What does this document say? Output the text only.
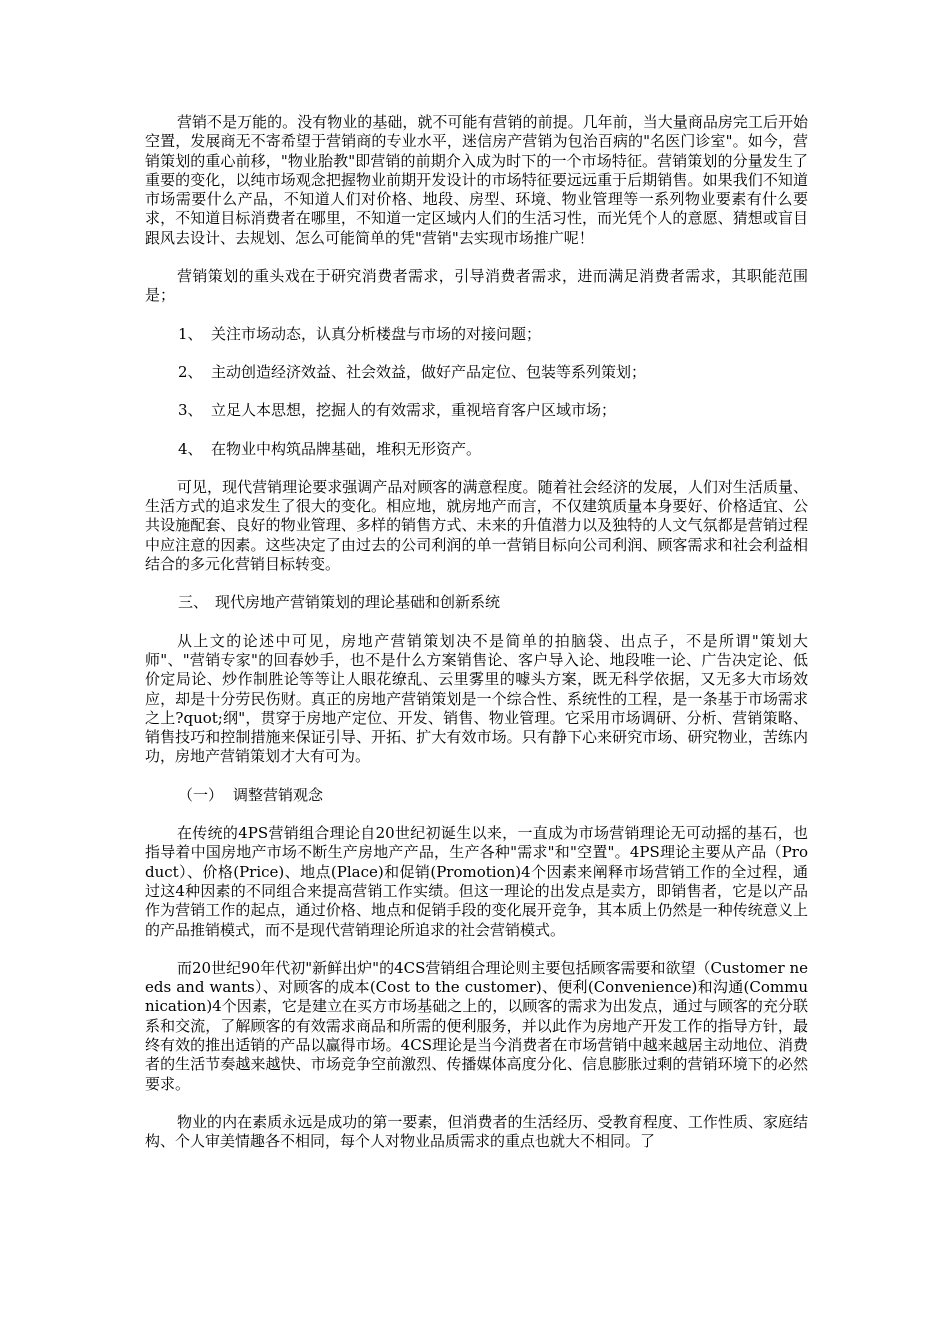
营销不是万能的。没有物业的基础，就不可能有营销的前提。几年前，当大量商品房完工后开始空置，发展商无不寄希望于营销商的专业水平，迷信房产营销为包治百病的"名医门诊室"。如今，营销策划的重心前移，"物业胎教"即营销的前期介入成为时下的一个市场特征。营销策划的分量发生了重要的变化，以纯市场观念把握物业前期开发设计的市场特征要远远重于后期销售。如果我们不知道市场需要什么产品，不知道人们对价格、地段、房型、环境、物业管理等一系列物业要素有什么要求，不知道目标消费者在哪里，不知道一定区域内人们的生活习性，而光凭个人的意愿、猜想或盲目跟风去设计、去规划、怎么可能简单的凭"营销"去实现市场推广呢！

营销策划的重头戏在于研究消费者需求，引导消费者需求，进而满足消费者需求，其职能范围是；

1、 关注市场动态，认真分析楼盘与市场的对接问题；
2、 主动创造经济效益、社会效益，做好产品定位、包装等系列策划；
3、 立足人本思想，挖掘人的有效需求，重视培育客户区域市场；
4、 在物业中构筑品牌基础，堆积无形资产。

可见，现代营销理论要求强调产品对顾客的满意程度。随着社会经济的发展，人们对生活质量、生活方式的追求发生了很大的变化。相应地，就房地产而言，不仅建筑质量本身要好、价格适宜、公共设施配套、良好的物业管理、多样的销售方式、未来的升值潜力以及独特的人文气氛都是营销过程中应注意的因素。这些决定了由过去的公司利润的单一营销目标向公司利润、顾客需求和社会利益相结合的多元化营销目标转变。

三、 现代房地产营销策划的理论基础和创新系统

从上文的论述中可见，房地产营销策划决不是简单的拍脑袋、出点子，不是所谓"策划大师"、"营销专家"的回春妙手，也不是什么方案销售论、客户导入论、地段唯一论、广告决定论、低价定局论、炒作制胜论等等让人眼花缭乱、云里雾里的噱头方案，既无科学依据，又无多大市场效应，却是十分劳民伤财。真正的房地产营销策划是一个综合性、系统性的工程，是一条基于市场需求之上?quot;纲"，贯穿于房地产定位、开发、销售、物业管理。它采用市场调研、分析、营销策略、销售技巧和控制措施来保证引导、开拓、扩大有效市场。只有静下心来研究市场、研究物业，苦练内功，房地产营销策划才大有可为。

（一） 调整营销观念

在传统的4PS营销组合理论自20世纪初诞生以来，一直成为市场营销理论无可动摇的基石，也指导着中国房地产市场不断生产房地产产品，生产各种"需求"和"空置"。4PS理论主要从产品（Product）、价格(Price)、地点(Place)和促销(Promotion)4个因素来阐释市场营销工作的全过程，通过这4种因素的不同组合来提高营销工作实绩。但这一理论的出发点是卖方，即销售者，它是以产品作为营销工作的起点，通过价格、地点和促销手段的变化展开竞争，其本质上仍然是一种传统意义上的产品推销模式，而不是现代营销理论所追求的社会营销模式。

而20世纪90年代初"新鲜出炉"的4CS营销组合理论则主要包括顾客需要和欲望（Customer needs and wants）、对顾客的成本(Cost to the customer)、便利(Convenience)和沟通(Communication)4个因素，它是建立在买方市场基础之上的，以顾客的需求为出发点，通过与顾客的充分联系和交流，了解顾客的有效需求商品和所需的便利服务，并以此作为房地产开发工作的指导方针，最终有效的推出适销的产品以赢得市场。4CS理论是当今消费者在市场营销中越来越居主动地位、消费者的生活节奏越来越快、市场竞争空前激烈、传播媒体高度分化、信息膨胀过剩的营销环境下的必然要求。

物业的内在素质永远是成功的第一要素，但消费者的生活经历、受教育程度、工作性质、家庭结构、个人审美情趣各不相同，每个人对物业品质需求的重点也就大不相同。了
